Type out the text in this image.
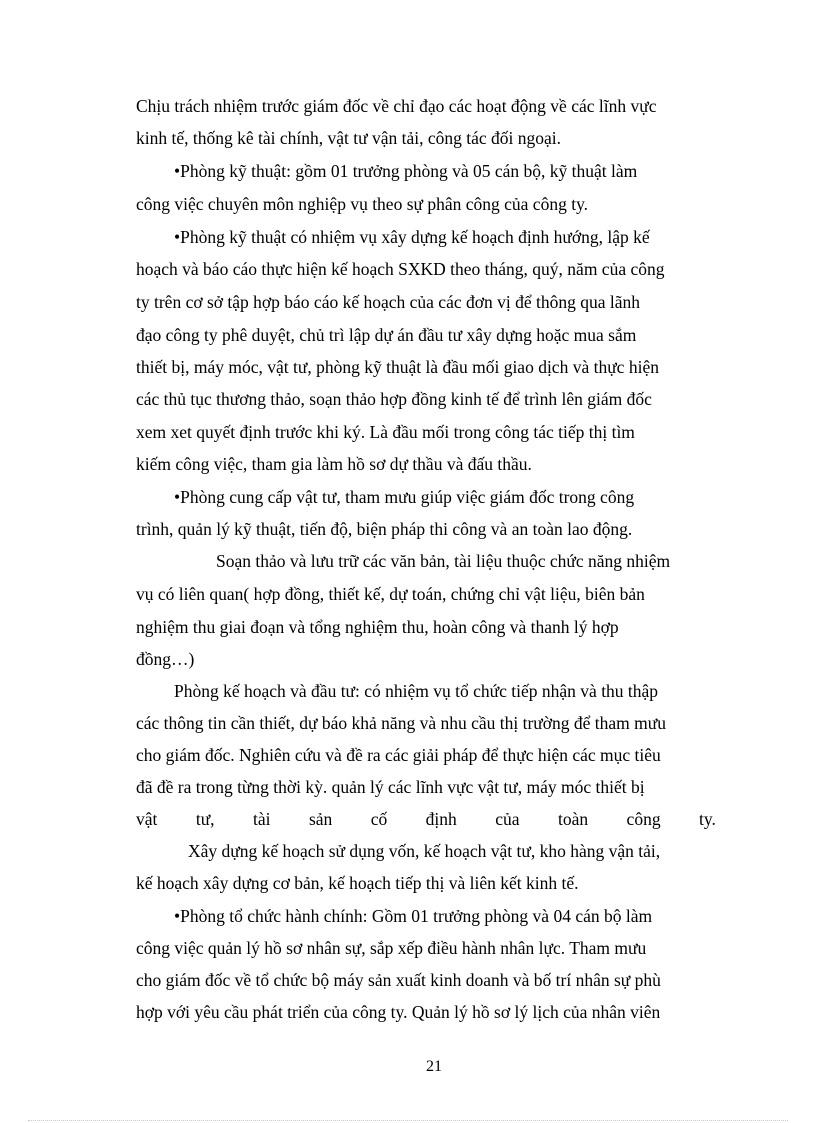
Chịu trách nhiệm trước giám đốc về chỉ đạo các hoạt động về các lĩnh vực
kinh tế, thống kê tài chính, vật tư vận tải, công tác đối ngoại.
•Phòng kỹ thuật: gồm 01 trưởng phòng và 05 cán bộ, kỹ thuật làm
công việc chuyên môn nghiệp vụ theo sự phân công của công ty.
•Phòng kỹ thuật có nhiệm vụ xây dựng kế hoạch định hướng, lập kế
hoạch và báo cáo thực hiện kế hoạch SXKD theo tháng, quý, năm của công
ty trên cơ sở tập hợp báo cáo kế hoạch của các đơn vị để thông qua lãnh
đạo công ty phê duyệt, chủ trì lập dự án đầu tư xây dựng hoặc mua sắm
thiết bị, máy móc, vật tư, phòng kỹ thuật là đầu mối giao dịch và thực hiện
các thủ tục thương thảo, soạn thảo hợp đồng kinh tế để trình lên giám đốc
xem xet quyết định trước khi ký. Là đầu mối trong công tác tiếp thị tìm
kiếm công việc, tham gia làm hồ sơ dự thầu và đấu thầu.
•Phòng cung cấp vật tư, tham mưu giúp việc giám đốc trong công
trình, quản lý kỹ thuật, tiến độ, biện pháp thi công và an toàn lao động.
Soạn thảo và lưu trữ các văn bản, tài liệu thuộc chức năng nhiệm
vụ có liên quan( hợp đồng, thiết kế, dự toán, chứng chỉ vật liệu, biên bản
nghiệm thu giai đoạn và tổng nghiệm thu, hoàn công và thanh lý hợp
đồng…)
Phòng kế hoạch và đầu tư: có nhiệm vụ tổ chức tiếp nhận và thu thập
các thông tin cần thiết, dự báo khả năng và nhu cầu thị trường để tham mưu
cho giám đốc. Nghiên cứu và đề ra các giải pháp để thực hiện các mục tiêu
đã đề ra trong từng thời kỳ. quản lý các lĩnh vực vật tư, máy móc thiết bị
vật tư, tài sản cố định của toàn công ty.
Xây dựng kế hoạch sử dụng vốn, kế hoạch vật tư, kho hàng vận tải,
kế hoạch xây dựng cơ bản, kế hoạch tiếp thị và liên kết kinh tế.
•Phòng tổ chức hành chính: Gồm 01 trưởng phòng và 04 cán bộ làm
công việc quản lý hồ sơ nhân sự, sắp xếp điều hành nhân lực. Tham mưu
cho giám đốc về tổ chức bộ máy sản xuất kinh doanh và bố trí nhân sự phù
hợp với yêu cầu phát triển của công ty. Quản lý hồ sơ lý lịch của nhân viên
21
